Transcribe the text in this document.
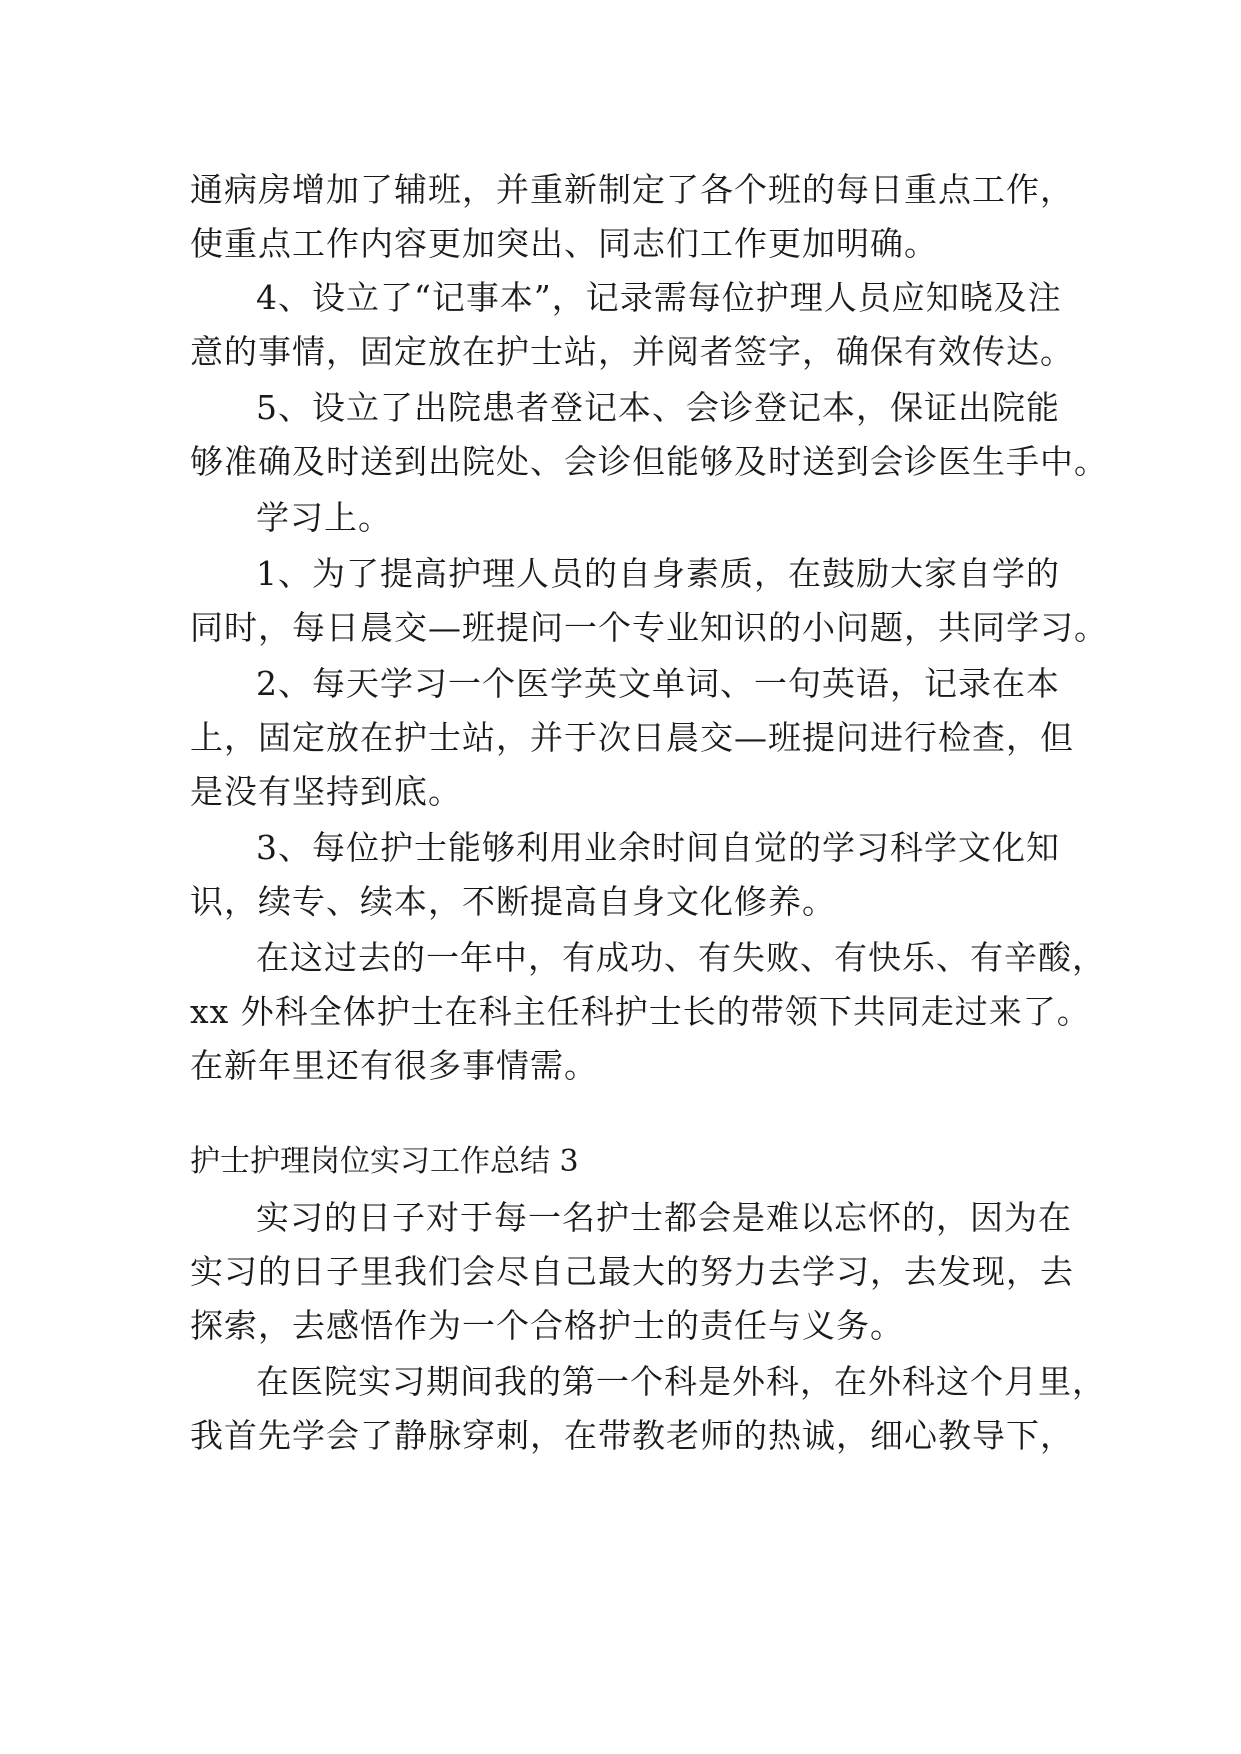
通病房增加了辅班，并重新制定了各个班的每日重点工作，
使重点工作内容更加突出、同志们工作更加明确。
4、设立了“记事本”，记录需每位护理人员应知晓及注
意的事情，固定放在护士站，并阅者签字，确保有效传达。
5、设立了出院患者登记本、会诊登记本，保证出院能
够准确及时送到出院处、会诊但能够及时送到会诊医生手中。
学习上。
1、为了提高护理人员的自身素质，在鼓励大家自学的
同时，每日晨交—班提问一个专业知识的小问题，共同学习。
2、每天学习一个医学英文单词、一句英语，记录在本
上，固定放在护士站，并于次日晨交—班提问进行检查，但
是没有坚持到底。
3、每位护士能够利用业余时间自觉的学习科学文化知
识，续专、续本，不断提高自身文化修养。
在这过去的一年中，有成功、有失败、有快乐、有辛酸，
xx 外科全体护士在科主任科护士长的带领下共同走过来了。
在新年里还有很多事情需。
护士护理岗位实习工作总结 3
实习的日子对于每一名护士都会是难以忘怀的，因为在
实习的日子里我们会尽自己最大的努力去学习，去发现，去
探索，去感悟作为一个合格护士的责任与义务。
在医院实习期间我的第一个科是外科，在外科这个月里，
我首先学会了静脉穿刺，在带教老师的热诚，细心教导下，
